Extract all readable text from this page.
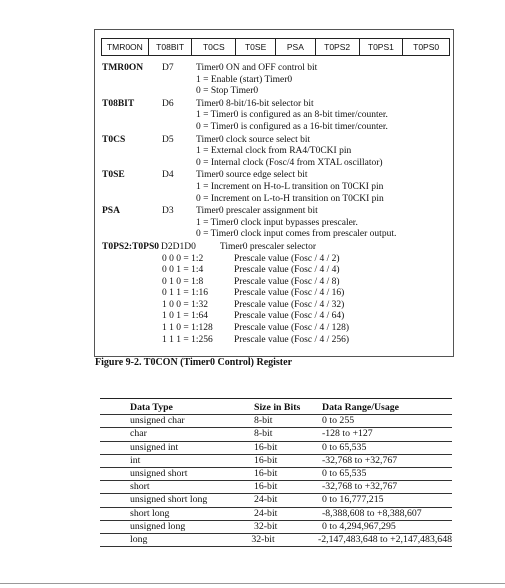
TMR0ON	T08BIT	T0CS	T0SE	PSA	T0PS2	T0PS1	T0PS0
TMR0ON	D7	Timer0 ON and OFF control bit
1 = Enable (start) Timer0
0 = Stop Timer0
T08BIT	D6	Timer0 8-bit/16-bit selector bit
1 = Timer0 is configured as an 8-bit timer/counter.
0 = Timer0 is configured as a 16-bit timer/counter.
T0CS	D5	Timer0 clock source select bit
1 = External clock from RA4/T0CKI pin
0 = Internal clock (Fosc/4 from XTAL oscillator)
T0SE	D4	Timer0 source edge select bit
1 = Increment on H-to-L transition on T0CKI pin
0 = Increment on L-to-H transition on T0CKI pin
PSA	D3	Timer0 prescaler assignment bit
1 = Timer0 clock input bypasses prescaler.
0 = Timer0 clock input comes from prescaler output.
T0PS2:T0PS0 D2D1D0	Timer0 prescaler selector
0 0 0 = 1:2	Prescale value (Fosc / 4 / 2)
0 0 1 = 1:4	Prescale value (Fosc / 4 / 4)
0 1 0 = 1:8	Prescale value (Fosc / 4 / 8)
0 1 1 = 1:16	Prescale value (Fosc / 4 / 16)
1 0 0 = 1:32	Prescale value (Fosc / 4 / 32)
1 0 1 = 1:64	Prescale value (Fosc / 4 / 64)
1 1 0 = 1:128	Prescale value (Fosc / 4 / 128)
1 1 1 = 1:256	Prescale value (Fosc / 4 / 256)
Figure 9-2. T0CON (Timer0 Control) Register
Data Type	Size in Bits	Data Range/Usage
unsigned char	8-bit	0 to 255
char	8-bit	-128 to +127
unsigned int	16-bit	0 to 65,535
int	16-bit	-32,768 to +32,767
unsigned short	16-bit	0 to 65,535
short	16-bit	-32,768 to +32,767
unsigned short long	24-bit	0 to 16,777,215
short long	24-bit	-8,388,608 to +8,388,607
unsigned long	32-bit	0 to 4,294,967,295
long	32-bit	-2,147,483,648 to +2,147,483,648
